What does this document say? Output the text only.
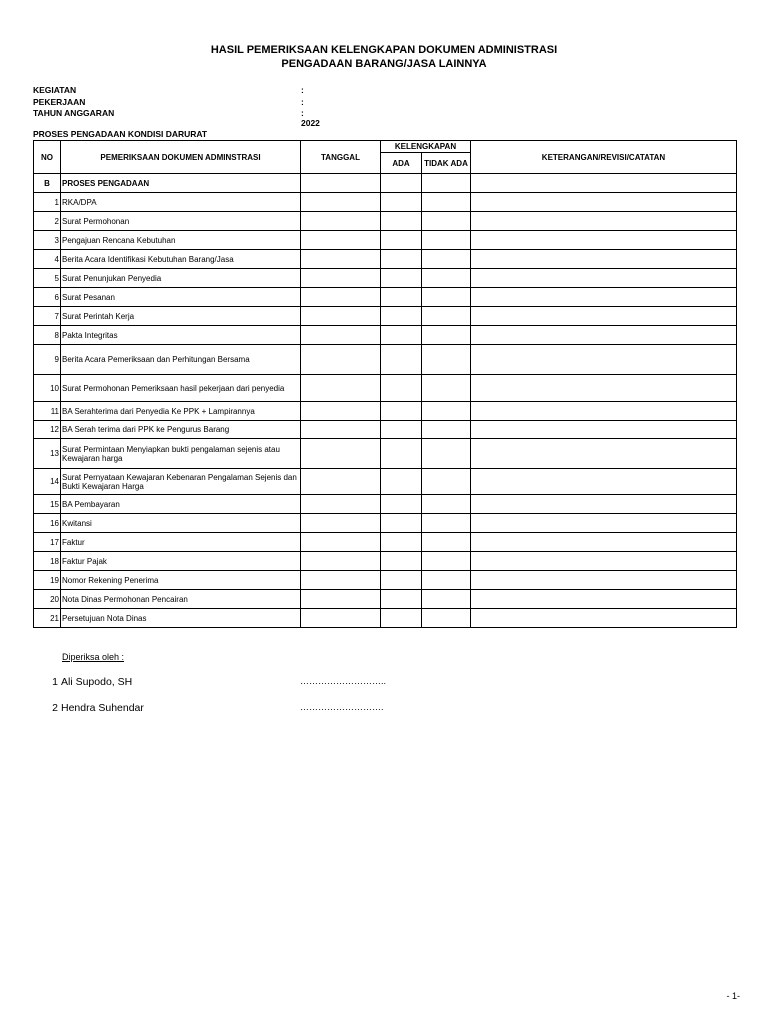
HASIL PEMERIKSAAN KELENGKAPAN DOKUMEN ADMINISTRASI
PENGADAAN BARANG/JASA LAINNYA
KEGIATAN	:
PEKERJAAN	:
TAHUN ANGGARAN	: 2022
PROSES PENGADAAN KONDISI DARURAT
NO	PEMERIKSAAN DOKUMEN ADMINSTRASI	TANGGAL	KELENGKAPAN		KETERANGAN/REVISI/CATATAN
			ADA	TIDAK ADA	
B	PROSES PENGADAAN				
1	RKA/DPA				
2	Surat Permohonan				
3	Pengajuan Rencana Kebutuhan				
4	Berita Acara Identifikasi Kebutuhan Barang/Jasa				
5	Surat Penunjukan Penyedia				
6	Surat Pesanan				
7	Surat Perintah Kerja				
8	Pakta Integritas				
9	Berita Acara Pemeriksaan dan Perhitungan Bersama				
10	Surat Permohonan Pemeriksaan hasil pekerjaan dari penyedia				
11	BA Serahterima dari Penyedia Ke PPK + Lampirannya				
12	BA Serah terima dari PPK ke Pengurus Barang				
13	Surat Permintaan Menyiapkan bukti pengalaman sejenis atau Kewajaran harga				
14	Surat Pernyataan Kewajaran Kebenaran Pengalaman Sejenis dan Bukti Kewajaran Harga				
15	BA Pembayaran				
16	Kwitansi				
17	Faktur				
18	Faktur Pajak				
19	Nomor Rekening Penerima				
20	Nota Dinas Permohonan Pencairan				
21	Persetujuan Nota Dinas				
Diperiksa oleh :
1 Ali Supodo, SH	………………………..
2 Hendra Suhendar	……………………….
- 1-
